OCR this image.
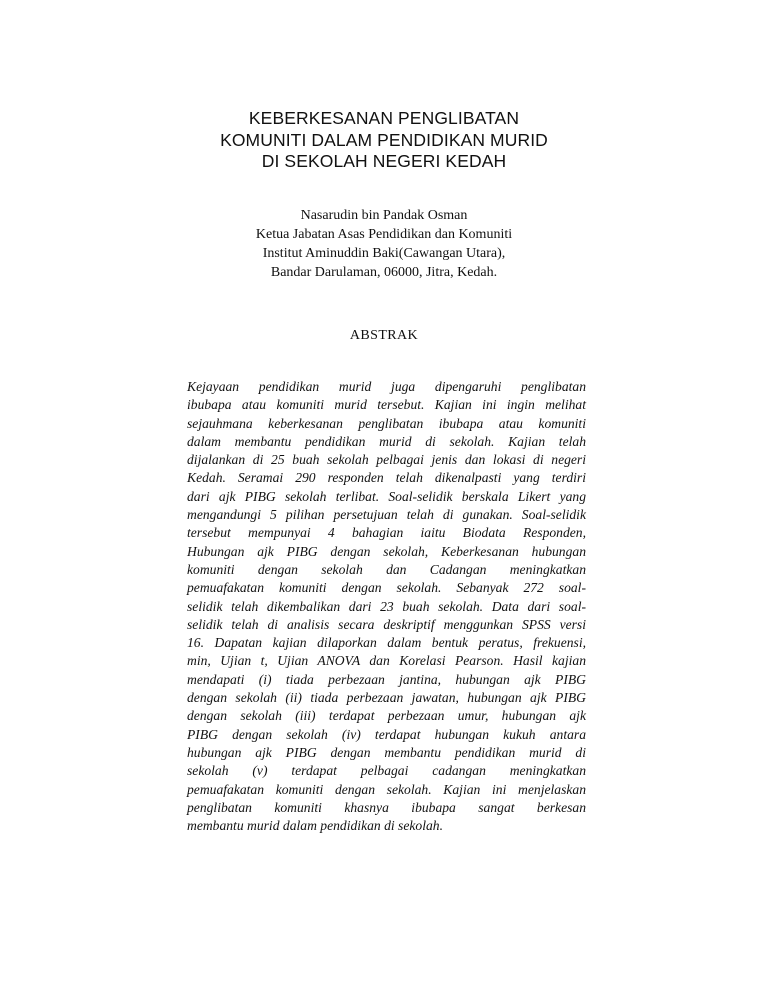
KEBERKESANAN PENGLIBATAN
KOMUNITI DALAM PENDIDIKAN MURID
DI SEKOLAH NEGERI KEDAH
Nasarudin bin Pandak Osman
Ketua Jabatan Asas Pendidikan dan Komuniti
Institut Aminuddin Baki(Cawangan Utara),
Bandar Darulaman, 06000, Jitra, Kedah.
ABSTRAK
Kejayaan pendidikan murid juga dipengaruhi penglibatan
ibubapa atau komuniti murid tersebut. Kajian ini ingin melihat
sejauhmana keberkesanan penglibatan ibubapa atau komuniti
dalam membantu pendidikan murid di sekolah. Kajian telah
dijalankan di 25 buah sekolah pelbagai jenis dan lokasi di negeri
Kedah. Seramai 290 responden telah dikenalpasti yang terdiri
dari ajk PIBG sekolah terlibat. Soal-selidik berskala Likert yang
mengandungi 5 pilihan persetujuan telah di gunakan. Soal-selidik
tersebut mempunyai 4 bahagian iaitu Biodata Responden,
Hubungan ajk PIBG dengan sekolah, Keberkesanan hubungan
komuniti dengan sekolah dan Cadangan meningkatkan
pemuafakatan komuniti dengan sekolah. Sebanyak 272 soal-
selidik telah dikembalikan dari 23 buah sekolah. Data dari soal-
selidik telah di analisis secara deskriptif menggunkan SPSS versi
16. Dapatan kajian dilaporkan dalam bentuk peratus, frekuensi,
min, Ujian t, Ujian ANOVA dan Korelasi Pearson. Hasil kajian
mendapati (i) tiada perbezaan jantina, hubungan ajk PIBG
dengan sekolah (ii) tiada perbezaan jawatan, hubungan ajk PIBG
dengan sekolah (iii) terdapat perbezaan umur, hubungan ajk
PIBG dengan sekolah (iv) terdapat hubungan kukuh antara
hubungan ajk PIBG dengan membantu pendidikan murid di
sekolah (v) terdapat pelbagai cadangan meningkatkan
pemuafakatan komuniti dengan sekolah. Kajian ini menjelaskan
penglibatan komuniti khasnya ibubapa sangat berkesan
membantu murid dalam pendidikan di sekolah.
